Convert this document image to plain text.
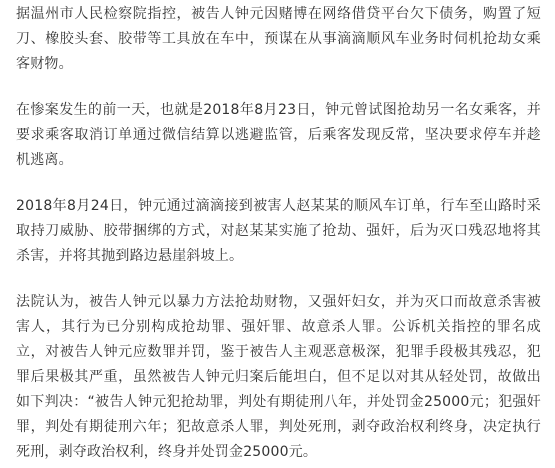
据温州市人民检察院指控，被告人钟元因赌博在网络借贷平台欠下债务，购置了短刀、橡胶头套、胶带等工具放在车中，预谋在从事滴滴顺风车业务时伺机抢劫女乘客财物。

在惨案发生的前一天，也就是2018年8月23日，钟元曾试图抢劫另一名女乘客，并要求乘客取消订单通过微信结算以逃避监管，后乘客发现反常，坚决要求停车并趁机逃离。

2018年8月24日，钟元通过滴滴接到被害人赵某某的顺风车订单，行车至山路时采取持刀威胁、胶带捆绑的方式，对赵某某实施了抢劫、强奸，后为灭口残忍地将其杀害，并将其抛到路边悬崖斜坡上。

法院认为，被告人钟元以暴力方法抢劫财物，又强奸妇女，并为灭口而故意杀害被害人，其行为已分别构成抢劫罪、强奸罪、故意杀人罪。公诉机关指控的罪名成立，对被告人钟元应数罪并罚，鉴于被告人主观恶意极深，犯罪手段极其残忍，犯罪后果极其严重，虽然被告人钟元归案后能坦白，但不足以对其从轻处罚，故做出如下判决：“被告人钟元犯抢劫罪，判处有期徒刑八年，并处罚金25000元；犯强奸罪，判处有期徒刑六年；犯故意杀人罪，判处死刑，剥夺政治权利终身，决定执行死刑，剥夺政治权利，终身并处罚金25000元。
